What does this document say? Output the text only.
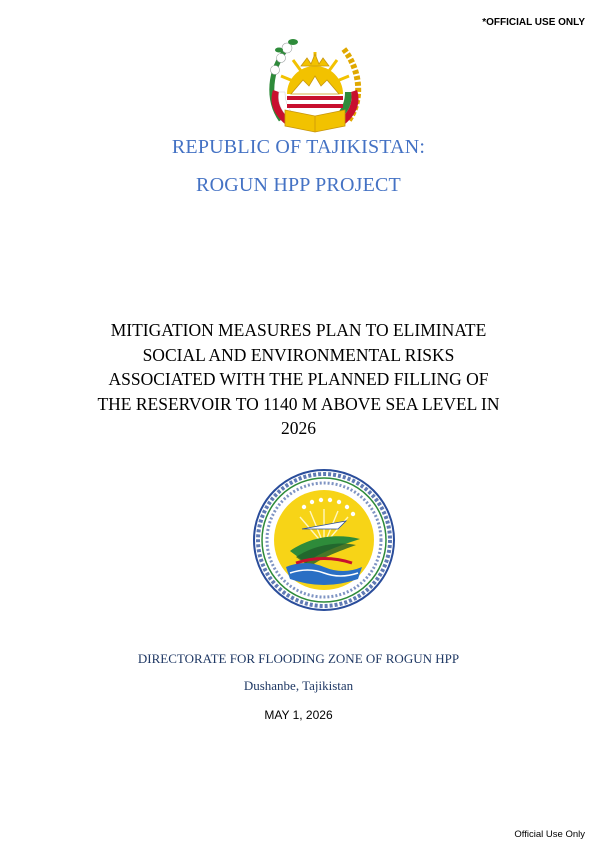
*OFFICIAL USE ONLY

REPUBLIC OF TAJIKISTAN:
ROGUN HPP PROJECT
MITIGATION MEASURES PLAN TO ELIMINATE
SOCIAL AND ENVIRONMENTAL RISKS
ASSOCIATED WITH THE PLANNED FILLING OF
THE RESERVOIR TO 1140 M ABOVE SEA LEVEL IN
2026

DIRECTORATE FOR FLOODING ZONE OF ROGUN HPP

Dushanbe, Tajikistan

MAY 1, 2026

Official Use Only
